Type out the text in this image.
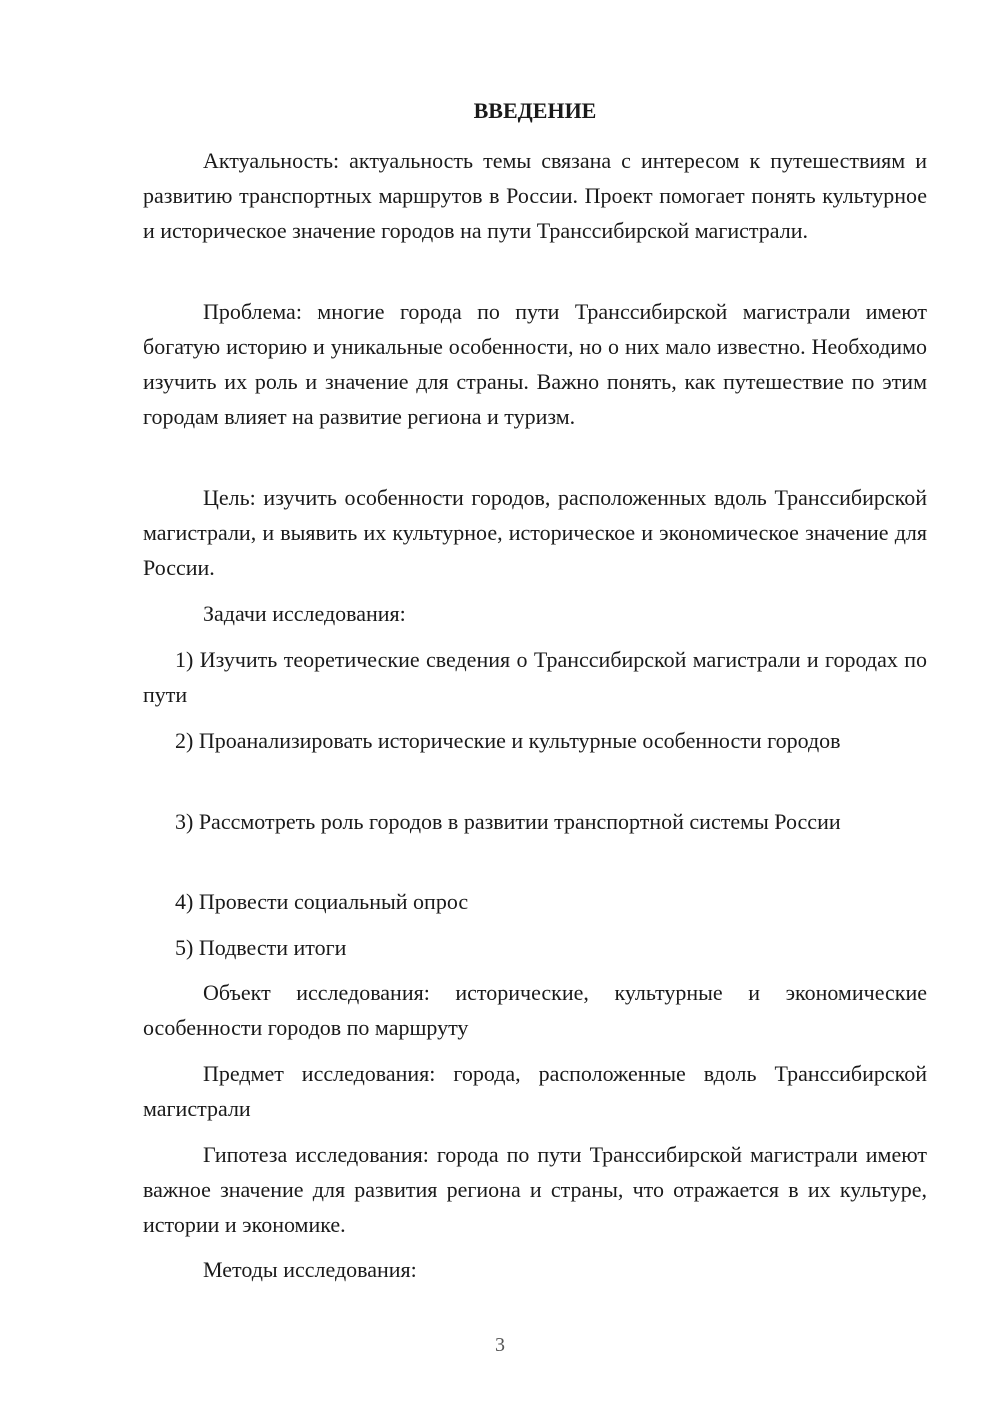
ВВЕДЕНИЕ

Актуальность: актуальность темы связана с интересом к путешествиям и развитию транспортных маршрутов в России. Проект помогает понять культурное и историческое значение городов на пути Транссибирской магистрали.

Проблема: многие города по пути Транссибирской магистрали имеют богатую историю и уникальные особенности, но о них мало известно. Необходимо изучить их роль и значение для страны. Важно понять, как путешествие по этим городам влияет на развитие региона и туризм.

Цель: изучить особенности городов, расположенных вдоль Транссибирской магистрали, и выявить их культурное, историческое и экономическое значение для России.

Задачи исследования:

1) Изучить теоретические сведения о Транссибирской магистрали и городах по пути

2) Проанализировать исторические и культурные особенности городов

3) Рассмотреть роль городов в развитии транспортной системы России

4) Провести социальный опрос

5) Подвести итоги

Объект исследования: исторические, культурные и экономические особенности городов по маршруту

Предмет исследования: города, расположенные вдоль Транссибирской магистрали

Гипотеза исследования: города по пути Транссибирской магистрали имеют важное значение для развития региона и страны, что отражается в их культуре, истории и экономике.

Методы исследования:

3
